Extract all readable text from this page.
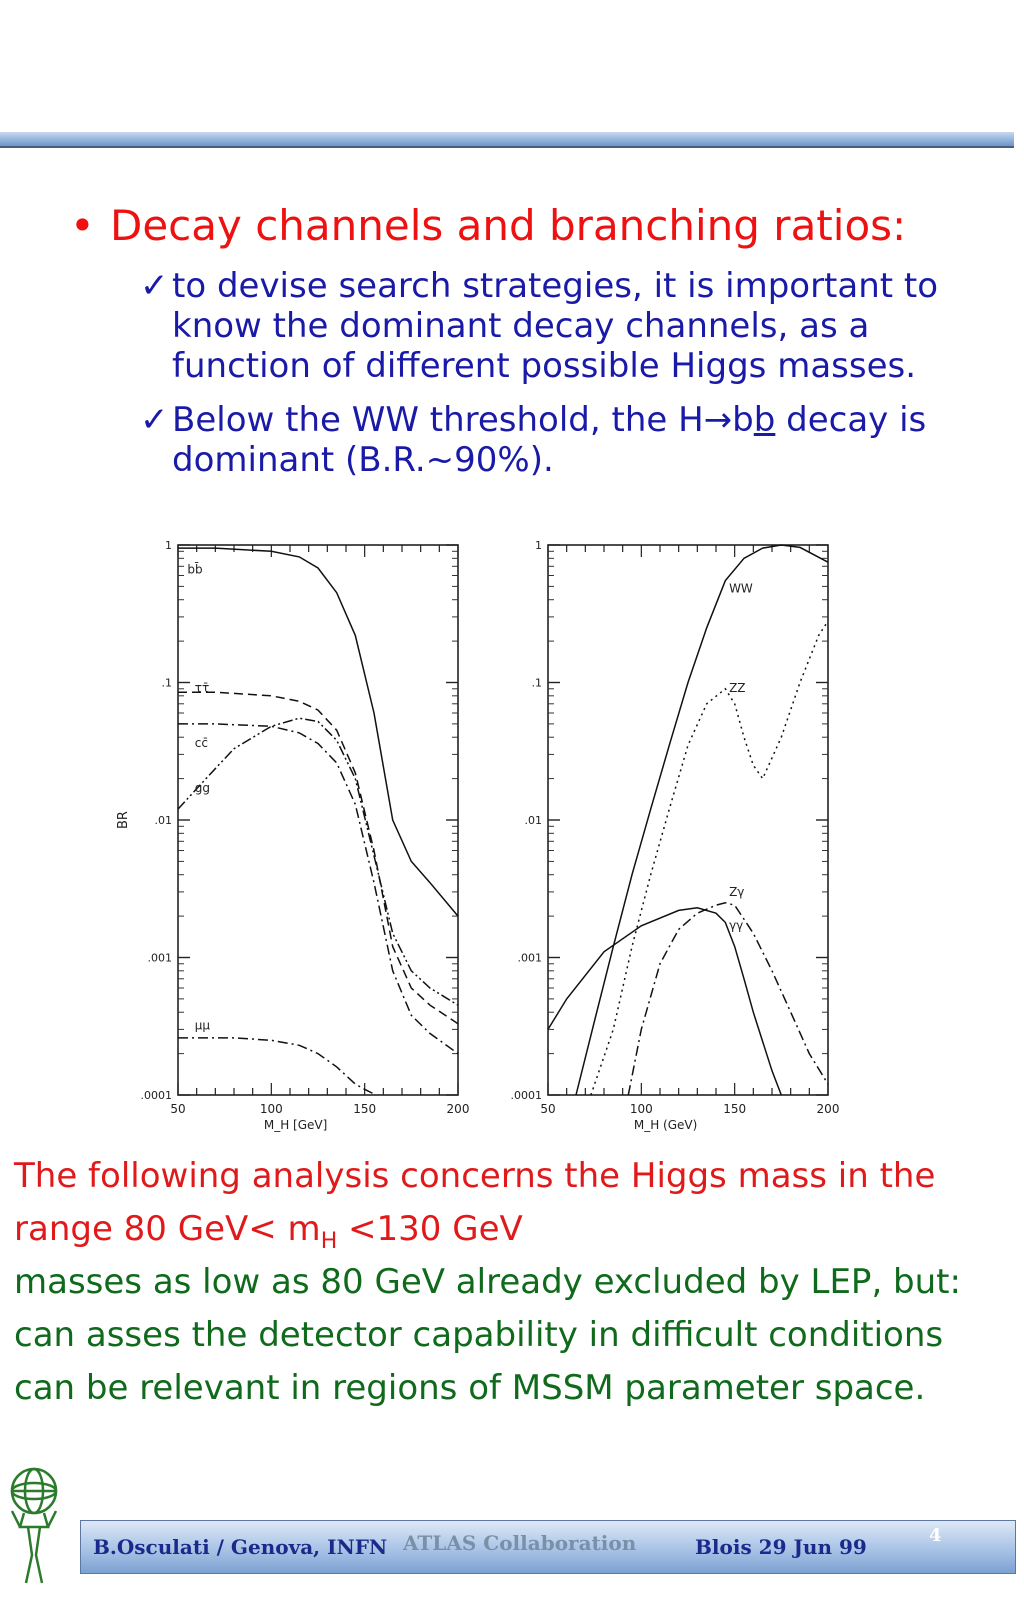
• Decay channels and branching ratios:
✓ to devise search strategies, it is important to know the dominant decay channels, as a function of different possible Higgs masses.
✓ Below the WW threshold, the H→bb decay is dominant (B.R.~90%).
.0001
.001
.01
.1
1
50	100	150	200
M_H [GeV]
BR
bb̄
ττ̄
cc̄
gg
μμ
.0001
.001
.01
.1
1
50	100	150	200
M_H (GeV)
WW
ZZ
Zγ
γγ
The following analysis concerns the Higgs mass in the
range 80 $GeV< m_H <130$ GeV
masses as low as 80 GeV already excluded by LEP, but:
can asses the detector capability in difficult conditions
can be relevant in regions of MSSM parameter space.
B.Osculati / Genova, INFN ATLAS Collaboration	Blois 29 Jun 99	4
